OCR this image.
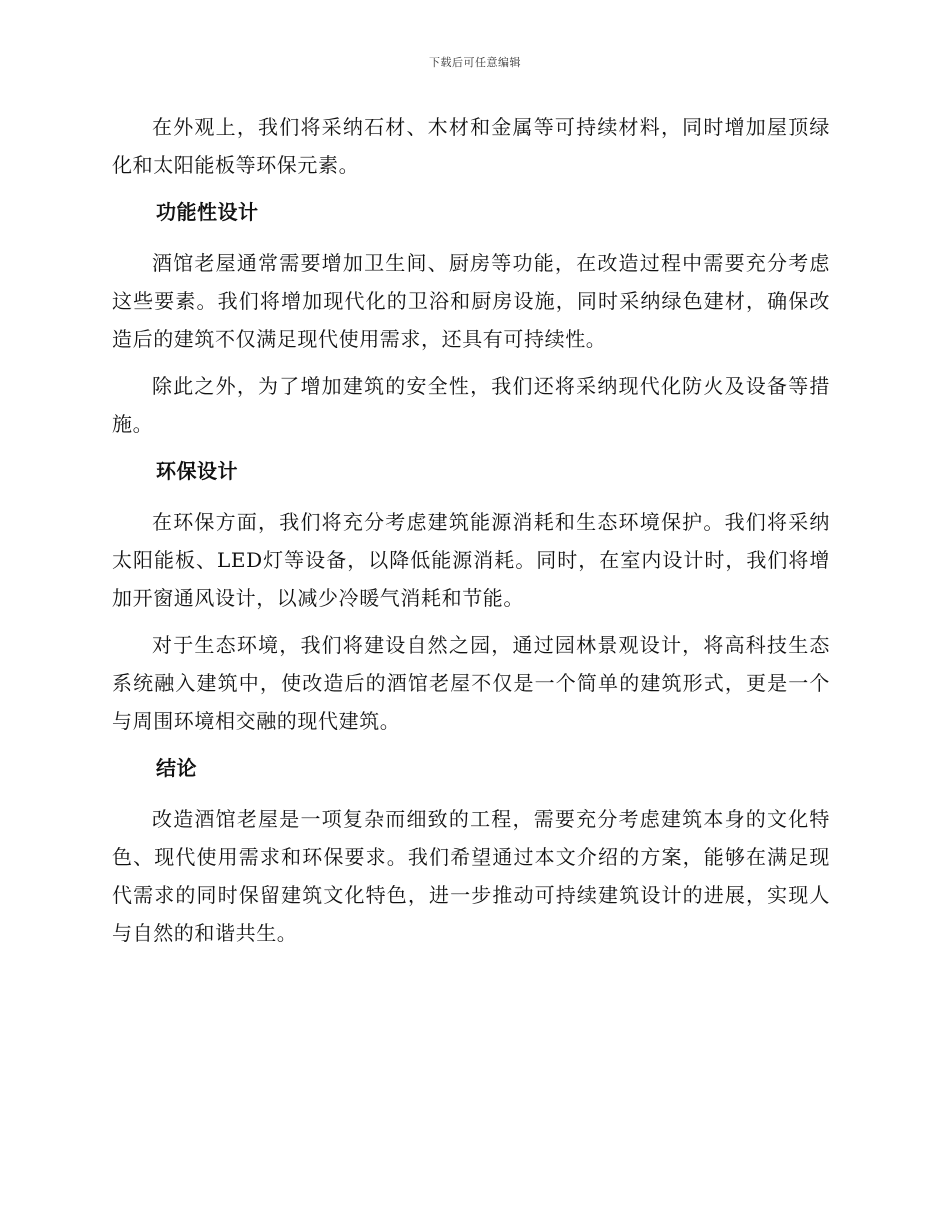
下载后可任意编辑

在外观上，我们将采纳石材、木材和金属等可持续材料，同时增加屋顶绿化和太阳能板等环保元素。

功能性设计

酒馆老屋通常需要增加卫生间、厨房等功能，在改造过程中需要充分考虑这些要素。我们将增加现代化的卫浴和厨房设施，同时采纳绿色建材，确保改造后的建筑不仅满足现代使用需求，还具有可持续性。

除此之外，为了增加建筑的安全性，我们还将采纳现代化防火及设备等措施。

环保设计

在环保方面，我们将充分考虑建筑能源消耗和生态环境保护。我们将采纳太阳能板、LED灯等设备，以降低能源消耗。同时，在室内设计时，我们将增加开窗通风设计，以减少冷暖气消耗和节能。

对于生态环境，我们将建设自然之园，通过园林景观设计，将高科技生态系统融入建筑中，使改造后的酒馆老屋不仅是一个简单的建筑形式，更是一个与周围环境相交融的现代建筑。

结论

改造酒馆老屋是一项复杂而细致的工程，需要充分考虑建筑本身的文化特色、现代使用需求和环保要求。我们希望通过本文介绍的方案，能够在满足现代需求的同时保留建筑文化特色，进一步推动可持续建筑设计的进展，实现人与自然的和谐共生。
